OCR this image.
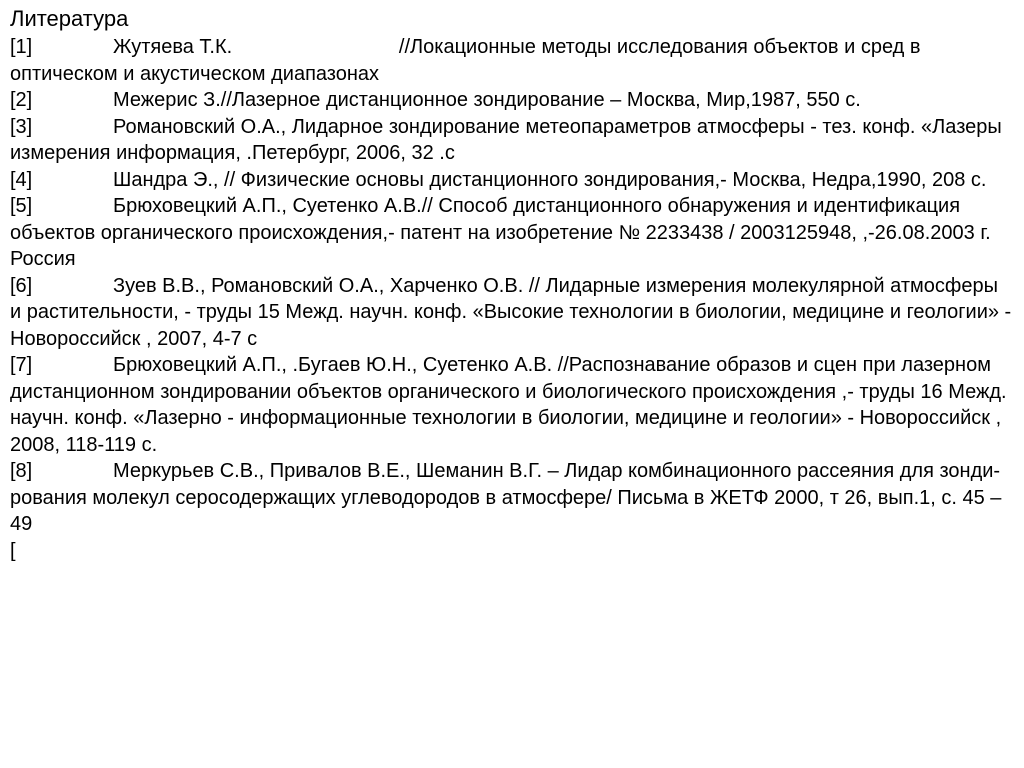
Литература
[1]	Жутяева Т.К.                              //Локационные методы исследования объектов и сред в оптическом и акустическом диапазонах
[2]	Межерис З.//Лазерное дистанционное зондирование – Москва, Мир,1987, 550 с.
[3]	Романовский О.А., Лидарное зондирование метеопараметров атмосферы - тез. конф. «Лазеры измерения информация, .Петербург, 2006, 32 .с
[4]	Шандра Э., // Физические основы дистанционного зондирования,- Москва, Недра,1990, 208 с.
[5]	Брюховецкий А.П., Суетенко А.В.// Способ дистанционного обнаружения и идентификация объектов органического происхождения,- патент на изобретение № 2233438 / 2003125948, ,-26.08.2003 г. Россия
[6]	Зуев В.В., Романовский О.А., Харченко О.В. // Лидарные измерения молекулярной атмосферы и растительности, - труды 15 Межд. научн. конф. «Высокие технологии в биологии, медицине и геологии» - Новороссийск , 2007, 4-7 с
[7]	Брюховецкий А.П., .Бугаев Ю.Н., Суетенко А.В. //Распознавание образов и сцен при лазерном дистанционном зондировании объектов органического и биологического происхождения ,- труды 16 Межд. научн. конф. «Лазерно - информационные технологии в биологии, медицине и геологии» - Новороссийск , 2008, 118-119 с.
[8]	Меркурьев С.В., Привалов В.Е., Шеманин В.Г. – Лидар комбинационного рассеяния для зонди-рования молекул серосодержащих углеводородов в атмосфере/ Письма в ЖЕТФ 2000, т 26, вып.1, с. 45 – 49

[
